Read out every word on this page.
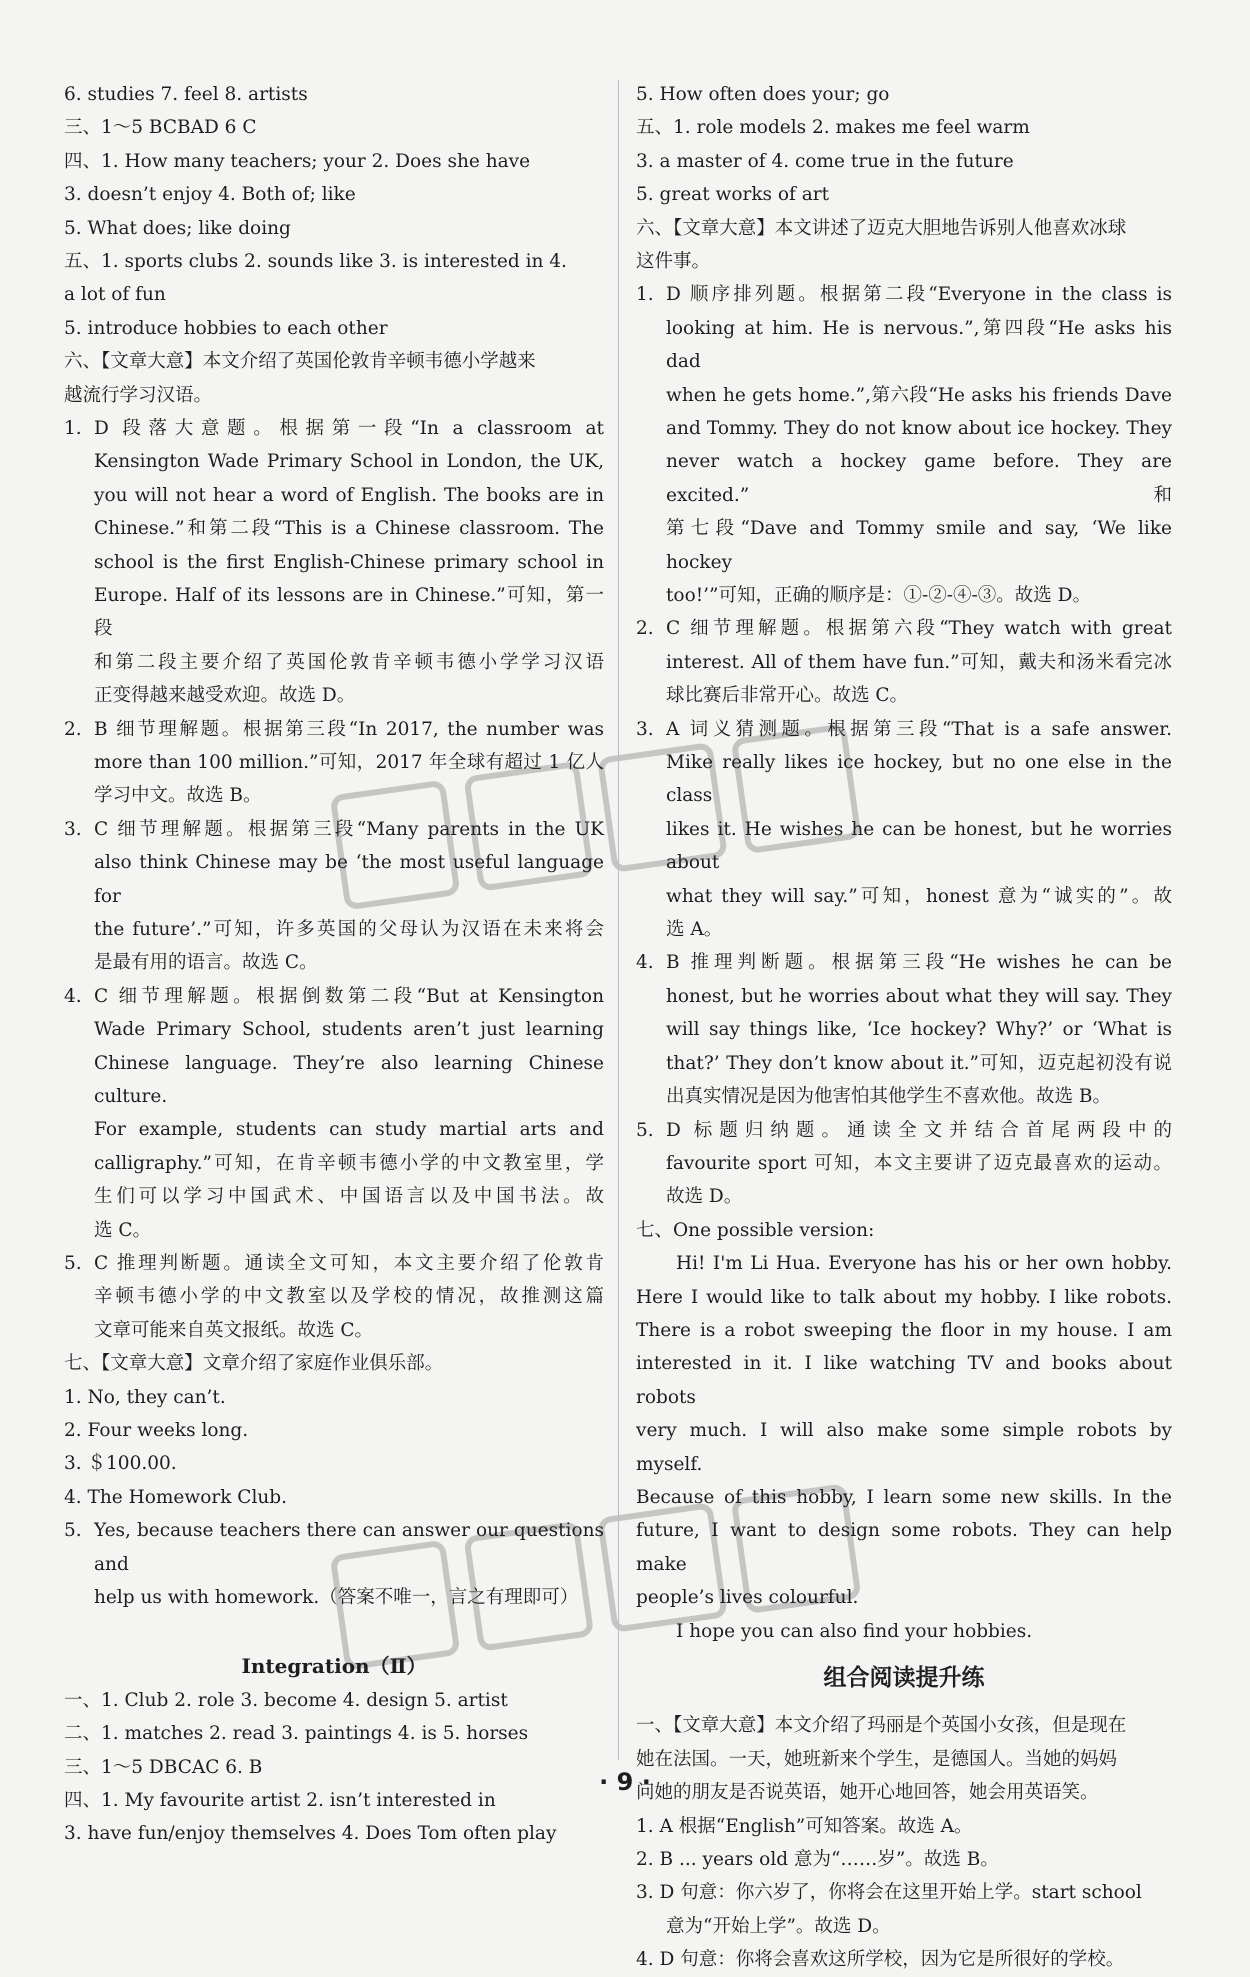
6. studies 7. feel 8. artists
三、1～5 BCBAD 6 C
四、1. How many teachers; your 2. Does she have
3. doesn’t enjoy 4. Both of; like
5. What does; like doing
五、1. sports clubs 2. sounds like 3. is interested in 4.
a lot of fun
5. introduce hobbies to each other
六、【文章大意】本文介绍了英国伦敦肯辛顿韦德小学越来
越流行学习汉语。
1. D 段落大意题。根据第一段“In a classroom at

Kensington Wade Primary School in London, the UK,

you will not hear a word of English. The books are in

Chinese.”和第二段“This is a Chinese classroom. The

school is the first English-Chinese primary school in

Europe. Half of its lessons are in Chinese.”可知，第一段

和第二段主要介绍了英国伦敦肯辛顿韦德小学学习汉语

正变得越来越受欢迎。故选 D。

2. B 细节理解题。根据第三段“In 2017, the number was

more than 100 million.”可知，2017 年全球有超过 1 亿人

学习中文。故选 B。

3. C 细节理解题。根据第三段“Many parents in the UK

also think Chinese may be ‘the most useful language for

the future’.”可知，许多英国的父母认为汉语在未来将会

是最有用的语言。故选 C。

4. C 细节理解题。根据倒数第二段“But at Kensington

Wade Primary School, students aren’t just learning

Chinese language. They’re also learning Chinese culture.

For example, students can study martial arts and

calligraphy.”可知，在肯辛顿韦德小学的中文教室里，学

生们可以学习中国武术、中国语言以及中国书法。故

选 C。

5. C 推理判断题。通读全文可知，本文主要介绍了伦敦肯

辛顿韦德小学的中文教室以及学校的情况，故推测这篇

文章可能来自英文报纸。故选 C。

七、【文章大意】文章介绍了家庭作业俱乐部。
1. No, they can’t.
2. Four weeks long.
3. ＄100.00.
4. The Homework Club.
5. Yes, because teachers there can answer our questions and

help us with homework.（答案不唯一，言之有理即可）

Integration（Ⅱ）
一、1. Club 2. role 3. become 4. design 5. artist
二、1. matches 2. read 3. paintings 4. is 5. horses
三、1～5 DBCAC 6. B
四、1. My favourite artist 2. isn’t interested in
3. have fun/enjoy themselves 4. Does Tom often play
5. How often does your; go
五、1. role models 2. makes me feel warm
3. a master of 4. come true in the future
5. great works of art
六、【文章大意】本文讲述了迈克大胆地告诉别人他喜欢冰球
这件事。
1. D 顺序排列题。根据第二段“Everyone in the class is

looking at him. He is nervous.”,第四段“He asks his dad

when he gets home.”,第六段“He asks his friends Dave

and Tommy. They do not know about ice hockey. They

never watch a hockey game before. They are excited.”和

第七段“Dave and Tommy smile and say, ‘We like hockey

too!’”可知，正确的顺序是：①-②-④-③。故选 D。

2. C 细节理解题。根据第六段“They watch with great

interest. All of them have fun.”可知，戴夫和汤米看完冰

球比赛后非常开心。故选 C。

3. A 词义猜测题。根据第三段“That is a safe answer.

Mike really likes ice hockey, but no one else in the class

likes it. He wishes he can be honest, but he worries about

what they will say.”可知，honest 意为“诚实的”。故

选 A。

4. B 推理判断题。根据第三段“He wishes he can be

honest, but he worries about what they will say. They

will say things like, ‘Ice hockey? Why?’ or ‘What is

that?’ They don’t know about it.”可知，迈克起初没有说

出真实情况是因为他害怕其他学生不喜欢他。故选 B。

5. D 标题归纳题。通读全文并结合首尾两段中的

favourite sport 可知，本文主要讲了迈克最喜欢的运动。

故选 D。

七、One possible version:

Hi! I'm Li Hua. Everyone has his or her own hobby.

Here I would like to talk about my hobby. I like robots.

There is a robot sweeping the floor in my house. I am

interested in it. I like watching TV and books about robots

very much. I will also make some simple robots by myself.

Because of this hobby, I learn some new skills. In the

future, I want to design some robots. They can help make

people’s lives colourful.

I hope you can also find your hobbies.

组合阅读提升练
一、【文章大意】本文介绍了玛丽是个英国小女孩，但是现在
她在法国。一天，她班新来个学生，是德国人。当她的妈妈
问她的朋友是否说英语，她开心地回答，她会用英语笑。
1. A 根据“English”可知答案。故选 A。
2. B ... years old 意为“……岁”。故选 B。
3. D 句意：你六岁了，你将会在这里开始上学。start school
意为“开始上学”。故选 D。
4. D 句意：你将会喜欢这所学校，因为它是所很好的学校。
· 9 ·
